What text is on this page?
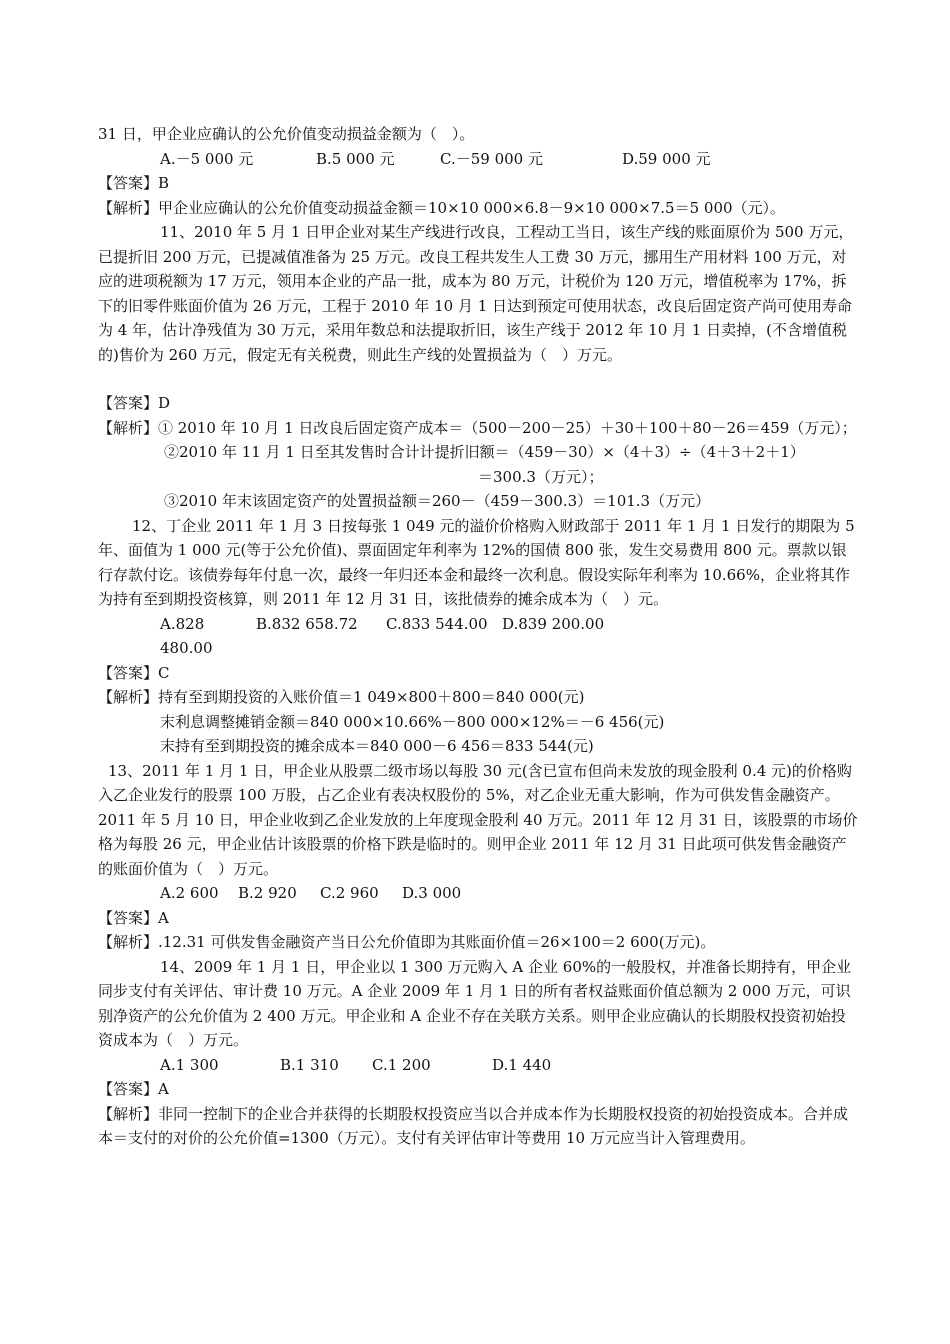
31 日，甲企业应确认的公允价值变动损益金额为（　）。

A.－5 000 元	B.5 000 元	C.－59 000 元	D.59 000 元

【答案】B

【解析】甲企业应确认的公允价值变动损益金额＝10×10 000×6.8－9×10 000×7.5＝5 000（元）。

11、2010 年 5 月 1 日甲企业对某生产线进行改良，工程动工当日，该生产线的账面原价为 500 万元，已提折旧 200 万元，已提减值准备为 25 万元。改良工程共发生人工费 30 万元，挪用生产用材料 100 万元，对应的进项税额为 17 万元，领用本企业的产品一批，成本为 80 万元，计税价为 120 万元，增值税率为 17%，拆下的旧零件账面价值为 26 万元，工程于 2010 年 10 月 1 日达到预定可使用状态，改良后固定资产尚可使用寿命为 4 年，估计净残值为 30 万元，采用年数总和法提取折旧，该生产线于 2012 年 10 月 1 日卖掉，(不含增值税的)售价为 260 万元，假定无有关税费，则此生产线的处置损益为（　）万元。

【答案】D

【解析】① 2010 年 10 月 1 日改良后固定资产成本＝（500－200－25）＋30＋100＋80－26＝459（万元）；

②2010 年 11 月 1 日至其发售时合计计提折旧额＝（459－30）×（4＋3）÷（4＋3＋2＋1）

＝300.3（万元）；

③2010 年末该固定资产的处置损益额＝260－（459－300.3）＝101.3（万元）

12、丁企业 2011 年 1 月 3 日按每张 1 049 元的溢价价格购入财政部于 2011 年 1 月 1 日发行的期限为 5 年、面值为 1 000 元(等于公允价值)、票面固定年利率为 12%的国债 800 张，发生交易费用 800 元。票款以银行存款付讫。该债券每年付息一次，最终一年归还本金和最终一次利息。假设实际年利率为 10.66%，企业将其作为持有至到期投资核算，则 2011 年 12 月 31 日，该批债券的摊余成本为（　）元。

A.828 480.00
B.832 658.72	C.833 544.00 D.839 200.00

【答案】C

【解析】持有至到期投资的入账价值＝1 049×800＋800＝840 000(元)

末利息调整摊销金额＝840 000×10.66%－800 000×12%＝－6 456(元)

末持有至到期投资的摊余成本＝840 000－6 456＝833 544(元)

13、2011 年 1 月 1 日，甲企业从股票二级市场以每股 30 元(含已宣布但尚未发放的现金股利 0.4 元)的价格购入乙企业发行的股票 100 万股，占乙企业有表决权股份的 5%，对乙企业无重大影响，作为可供发售金融资产。2011 年 5 月 10 日，甲企业收到乙企业发放的上年度现金股利 40 万元。2011 年 12 月 31 日，该股票的市场价格为每股 26 元，甲企业估计该股票的价格下跌是临时的。则甲企业 2011 年 12 月 31 日此项可供发售金融资产的账面价值为（　）万元。

A.2 600	B.2 920	C.2 960	D.3 000

【答案】A

【解析】.12.31 可供发售金融资产当日公允价值即为其账面价值＝26×100＝2 600(万元)。

14、2009 年 1 月 1 日，甲企业以 1 300 万元购入 A 企业 60%的一般股权，并准备长期持有，甲企业同步支付有关评估、审计费 10 万元。A 企业 2009 年 1 月 1 日的所有者权益账面价值总额为 2 000 万元，可识别净资产的公允价值为 2 400 万元。甲企业和 A 企业不存在关联方关系。则甲企业应确认的长期股权投资初始投资成本为（　）万元。

A.1 300	B.1 310	C.1 200	D.1 440

【答案】A

【解析】非同一控制下的企业合并获得的长期股权投资应当以合并成本作为长期股权投资的初始投资成本。合并成本＝支付的对价的公允价值=1300（万元）。支付有关评估审计等费用 10 万元应当计入管理费用。
